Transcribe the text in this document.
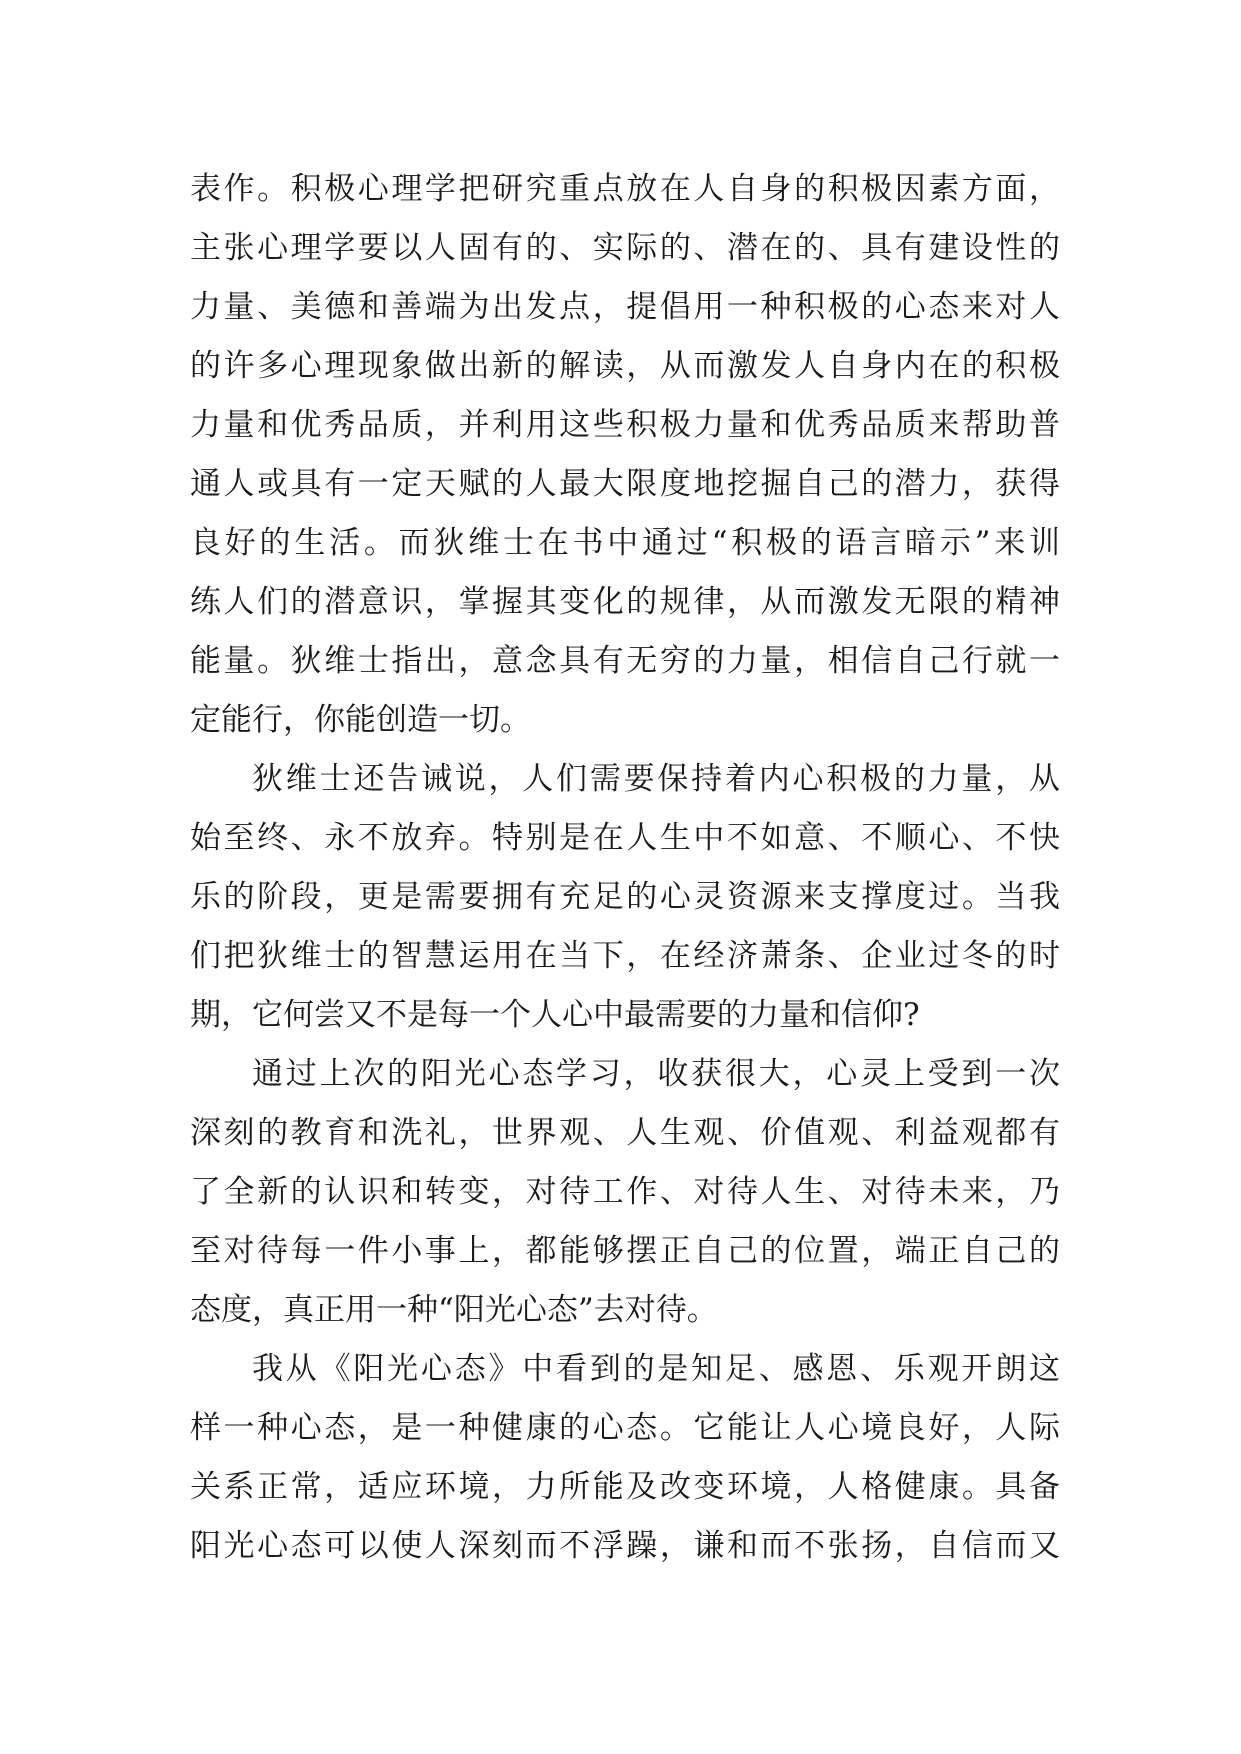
表作。积极心理学把研究重点放在人自身的积极因素方面，
主张心理学要以人固有的、实际的、潜在的、具有建设性的
力量、美德和善端为出发点，提倡用一种积极的心态来对人
的许多心理现象做出新的解读，从而激发人自身内在的积极
力量和优秀品质，并利用这些积极力量和优秀品质来帮助普
通人或具有一定天赋的人最大限度地挖掘自己的潜力，获得
良好的生活。而狄维士在书中通过“积极的语言暗示”来训
练人们的潜意识，掌握其变化的规律，从而激发无限的精神
能量。狄维士指出，意念具有无穷的力量，相信自己行就一
定能行，你能创造一切。
狄维士还告诫说，人们需要保持着内心积极的力量，从
始至终、永不放弃。特别是在人生中不如意、不顺心、不快
乐的阶段，更是需要拥有充足的心灵资源来支撑度过。当我
们把狄维士的智慧运用在当下，在经济萧条、企业过冬的时
期，它何尝又不是每一个人心中最需要的力量和信仰?
通过上次的阳光心态学习，收获很大，心灵上受到一次
深刻的教育和洗礼，世界观、人生观、价值观、利益观都有
了全新的认识和转变，对待工作、对待人生、对待未来，乃
至对待每一件小事上，都能够摆正自己的位置，端正自己的
态度，真正用一种“阳光心态”去对待。
我从《阳光心态》中看到的是知足、感恩、乐观开朗这
样一种心态，是一种健康的心态。它能让人心境良好，人际
关系正常，适应环境，力所能及改变环境，人格健康。具备
阳光心态可以使人深刻而不浮躁，谦和而不张扬，自信而又
